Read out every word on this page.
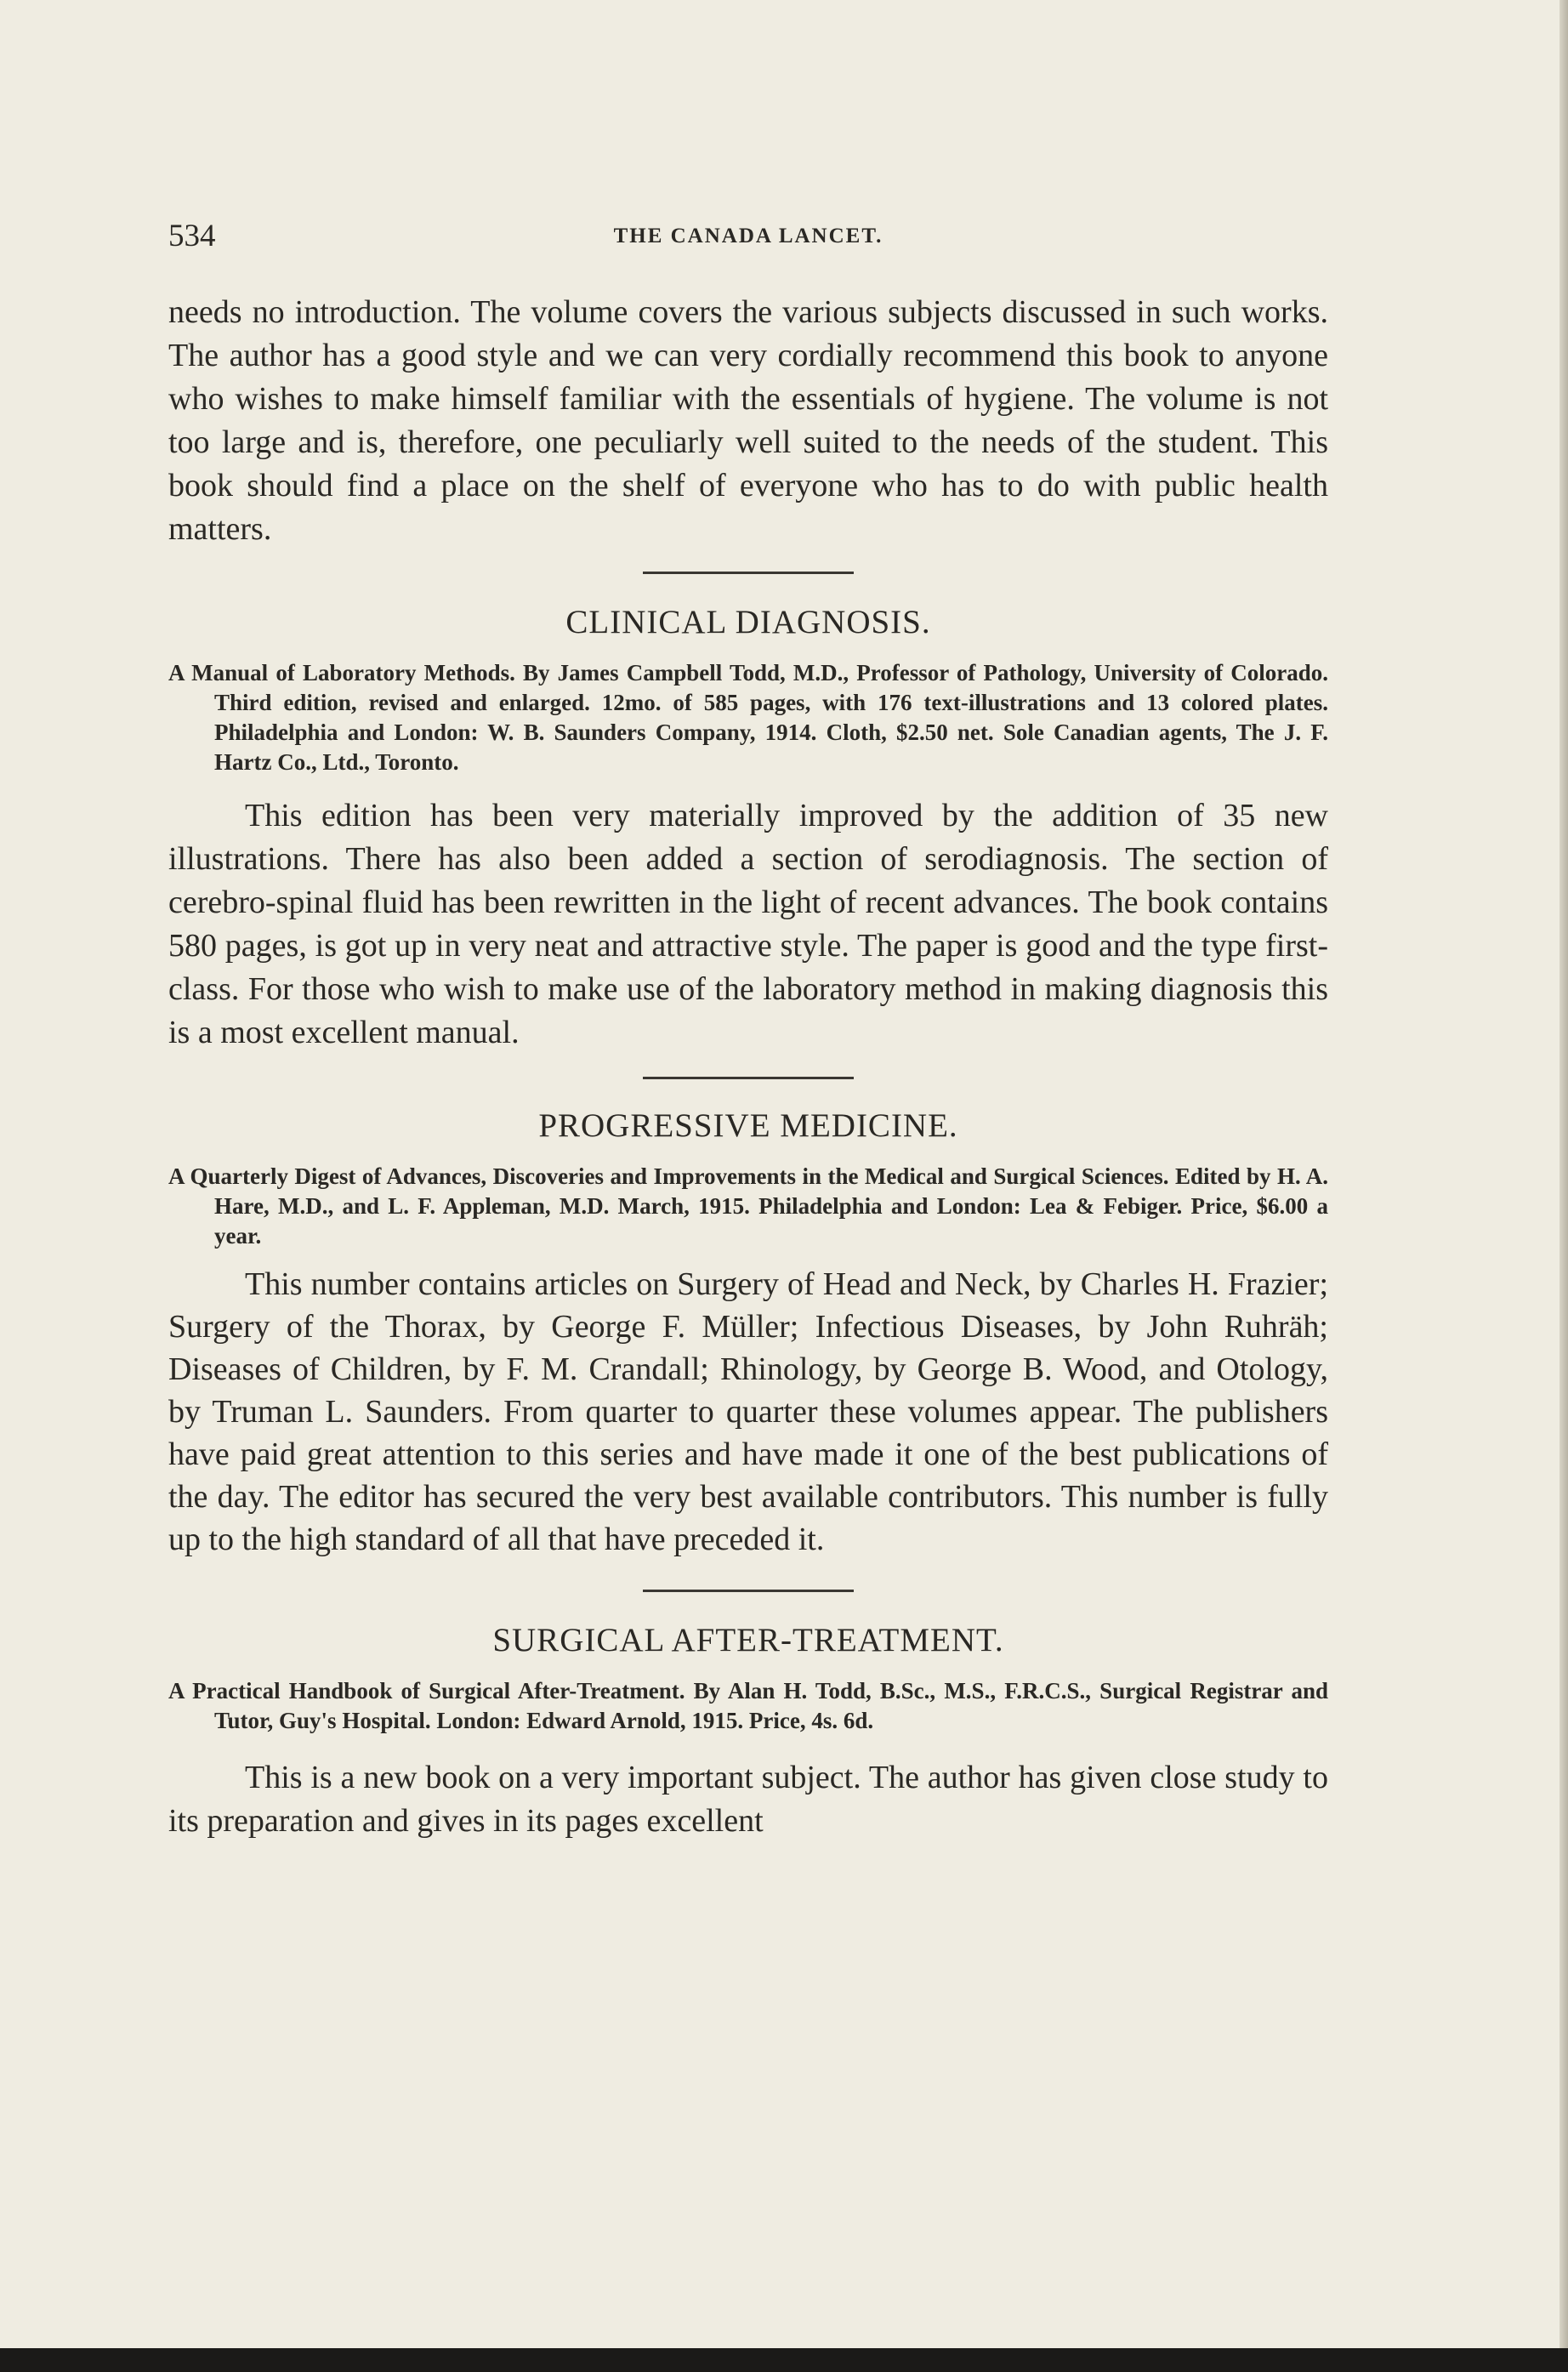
534	THE CANADA LANCET.

needs no introduction. The volume covers the various subjects discussed in such works. The author has a good style and we can very cordially recommend this book to anyone who wishes to make himself familiar with the essentials of hygiene. The volume is not too large and is, therefore, one peculiarly well suited to the needs of the student. This book should find a place on the shelf of everyone who has to do with public health matters.

CLINICAL DIAGNOSIS.

A Manual of Laboratory Methods. By James Campbell Todd, M.D., Professor of Pathology, University of Colorado. Third edition, revised and enlarged. 12mo. of 585 pages, with 176 text-illustrations and 13 colored plates. Philadelphia and London: W. B. Saunders Company, 1914. Cloth, $2.50 net. Sole Canadian agents, The J. F. Hartz Co., Ltd., Toronto.

This edition has been very materially improved by the addition of 35 new illustrations. There has also been added a section of serodiagnosis. The section of cerebro-spinal fluid has been rewritten in the light of recent advances. The book contains 580 pages, is got up in very neat and attractive style. The paper is good and the type first-class. For those who wish to make use of the laboratory method in making diagnosis this is a most excellent manual.

PROGRESSIVE MEDICINE.

A Quarterly Digest of Advances, Discoveries and Improvements in the Medical and Surgical Sciences. Edited by H. A. Hare, M.D., and L. F. Appleman, M.D. March, 1915. Philadelphia and London: Lea & Febiger. Price, $6.00 a year.

This number contains articles on Surgery of Head and Neck, by Charles H. Frazier; Surgery of the Thorax, by George F. Müller; Infectious Diseases, by John Ruhräh; Diseases of Children, by F. M. Crandall; Rhinology, by George B. Wood, and Otology, by Truman L. Saunders. From quarter to quarter these volumes appear. The publishers have paid great attention to this series and have made it one of the best publications of the day. The editor has secured the very best available contributors. This number is fully up to the high standard of all that have preceded it.

SURGICAL AFTER-TREATMENT.

A Practical Handbook of Surgical After-Treatment. By Alan H. Todd, B.Sc., M.S., F.R.C.S., Surgical Registrar and Tutor, Guy's Hospital. London: Edward Arnold, 1915. Price, 4s. 6d.

This is a new book on a very important subject. The author has given close study to its preparation and gives in its pages excellent
